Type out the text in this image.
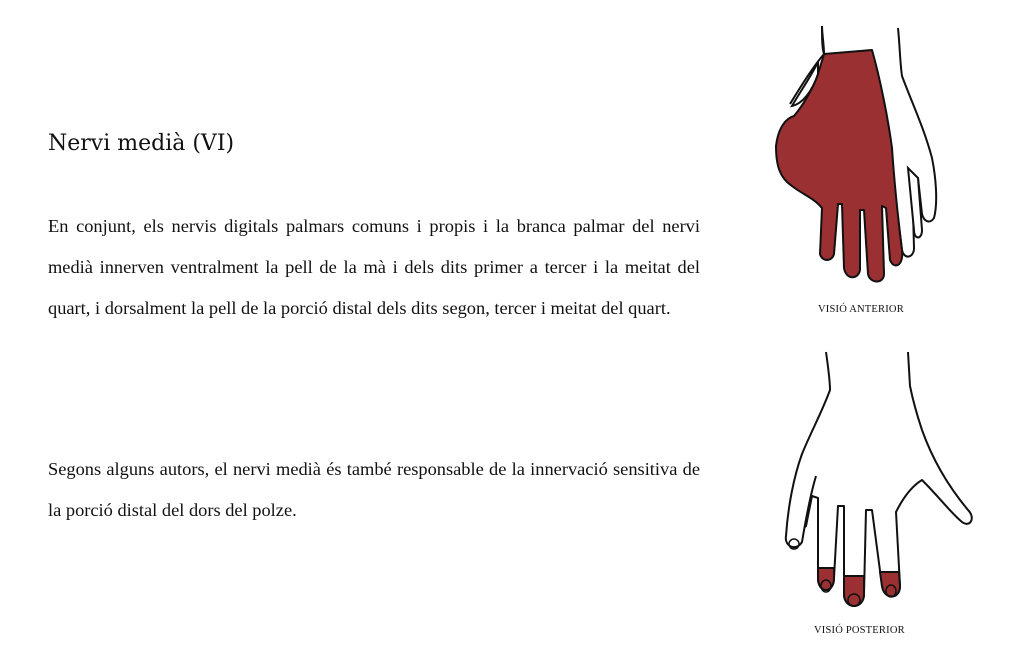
Nervi medià (VI)

En conjunt, els nervis digitals palmars comuns i propis i la branca palmar del nervi medià innerven ventralment la pell de la mà i dels dits primer a tercer i la meitat del quart, i dorsalment la pell de la porció distal dels dits segon, tercer i meitat del quart.

Segons alguns autors, el nervi medià és també responsable de la innervació sensitiva de la porció distal del dors del polze.

VISIÓ ANTERIOR
VISIÓ POSTERIOR
